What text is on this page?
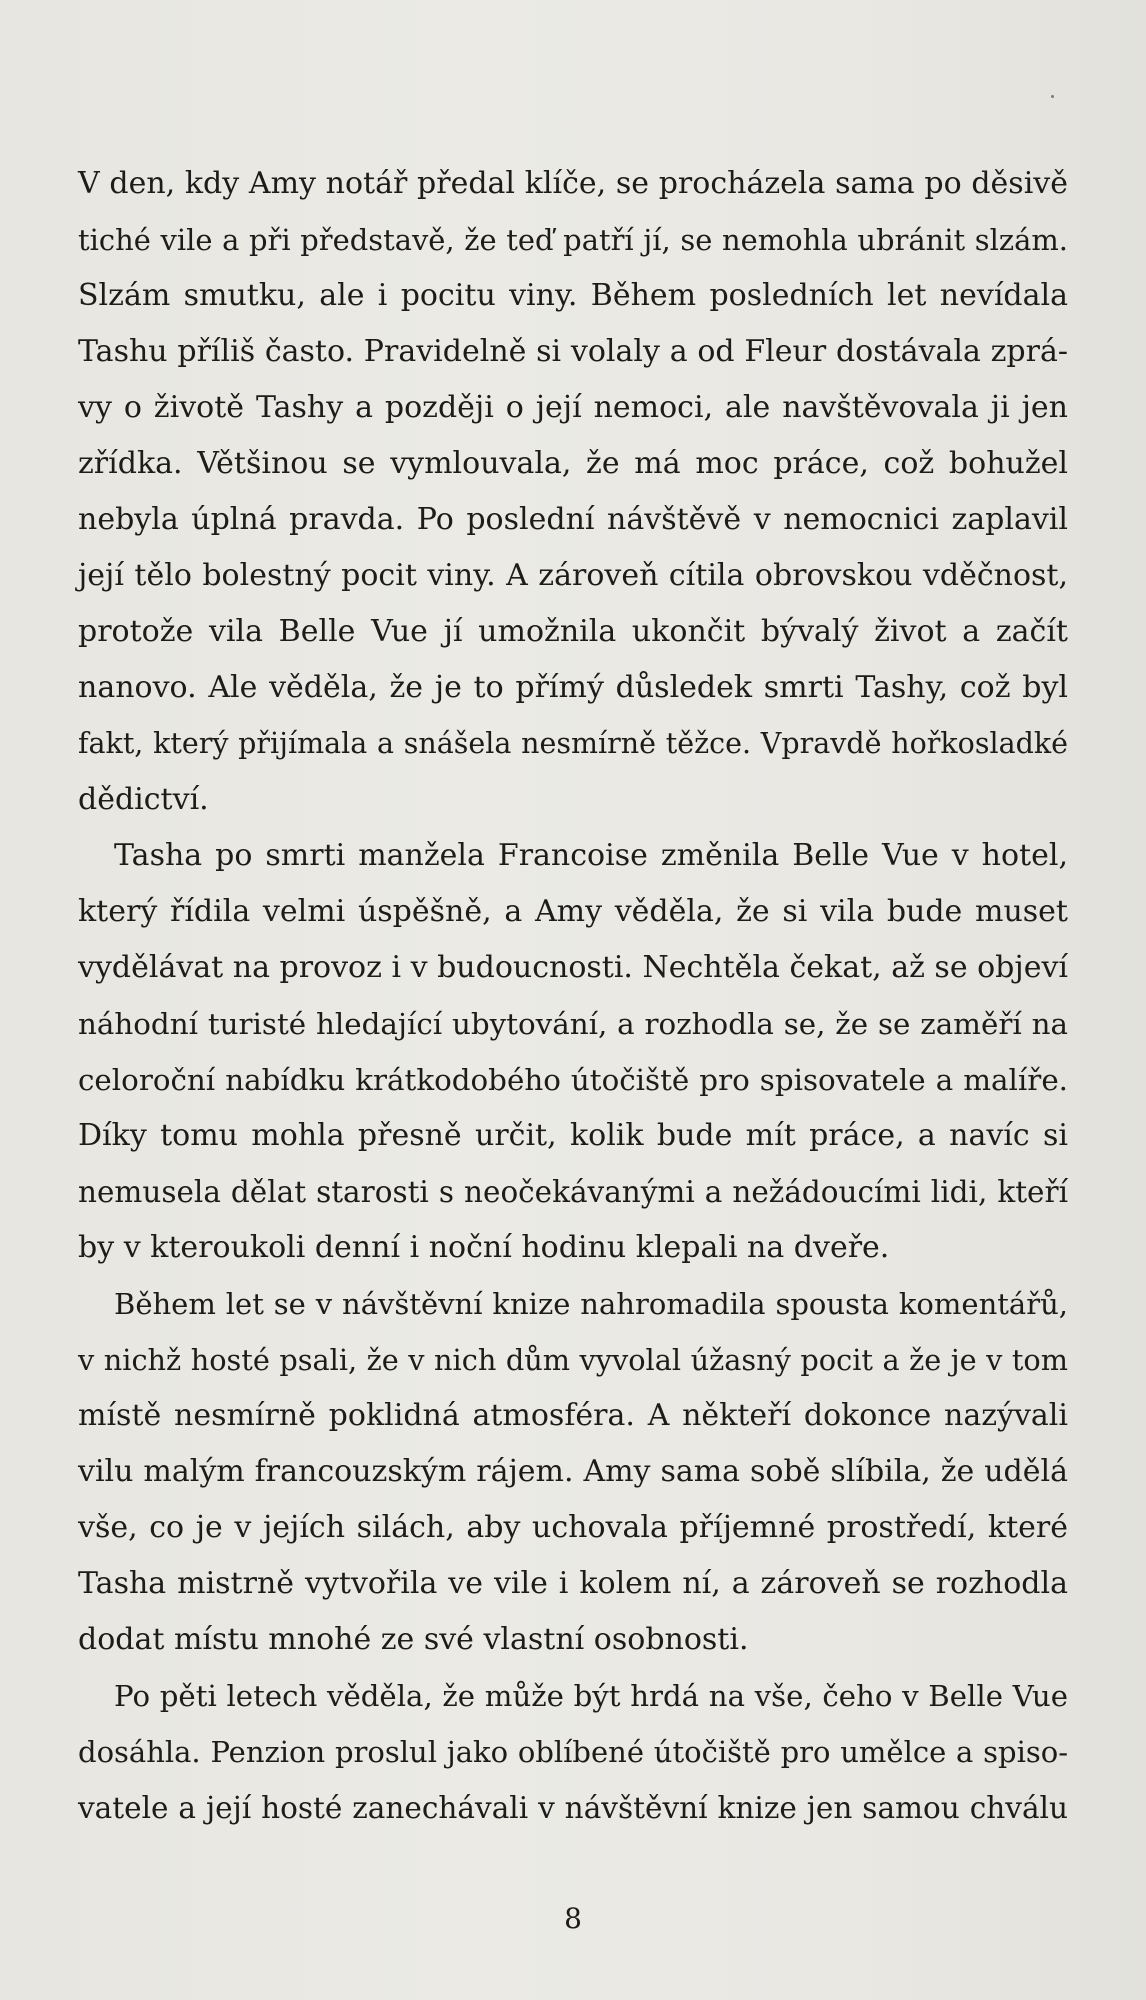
V den, kdy Amy notář předal klíče, se procházela sama po děsivě
tiché vile a při představě, že teď patří jí, se nemohla ubránit slzám.
Slzám smutku, ale i pocitu viny. Během posledních let nevídala
Tashu příliš často. Pravidelně si volaly a od Fleur dostávala zprá-
vy o životě Tashy a později o její nemoci, ale navštěvovala ji jen
zřídka. Většinou se vymlouvala, že má moc práce, což bohužel
nebyla úplná pravda. Po poslední návštěvě v nemocnici zaplavil
její tělo bolestný pocit viny. A zároveň cítila obrovskou vděčnost,
protože vila Belle Vue jí umožnila ukončit bývalý život a začít
nanovo. Ale věděla, že je to přímý důsledek smrti Tashy, což byl
fakt, který přijímala a snášela nesmírně těžce. Vpravdě hořkosladké
dědictví.
Tasha po smrti manžela Francoise změnila Belle Vue v hotel,
který řídila velmi úspěšně, a Amy věděla, že si vila bude muset
vydělávat na provoz i v budoucnosti. Nechtěla čekat, až se objeví
náhodní turisté hledající ubytování, a rozhodla se, že se zaměří na
celoroční nabídku krátkodobého útočiště pro spisovatele a malíře.
Díky tomu mohla přesně určit, kolik bude mít práce, a navíc si
nemusela dělat starosti s neočekávanými a nežádoucími lidi, kteří
by v kteroukoli denní i noční hodinu klepali na dveře.
Během let se v návštěvní knize nahromadila spousta komentářů,
v nichž hosté psali, že v nich dům vyvolal úžasný pocit a že je v tom
místě nesmírně poklidná atmosféra. A někteří dokonce nazývali
vilu malým francouzským rájem. Amy sama sobě slíbila, že udělá
vše, co je v jejích silách, aby uchovala příjemné prostředí, které
Tasha mistrně vytvořila ve vile i kolem ní, a zároveň se rozhodla
dodat místu mnohé ze své vlastní osobnosti.
Po pěti letech věděla, že může být hrdá na vše, čeho v Belle Vue
dosáhla. Penzion proslul jako oblíbené útočiště pro umělce a spiso-
vatele a její hosté zanechávali v návštěvní knize jen samou chválu
8
